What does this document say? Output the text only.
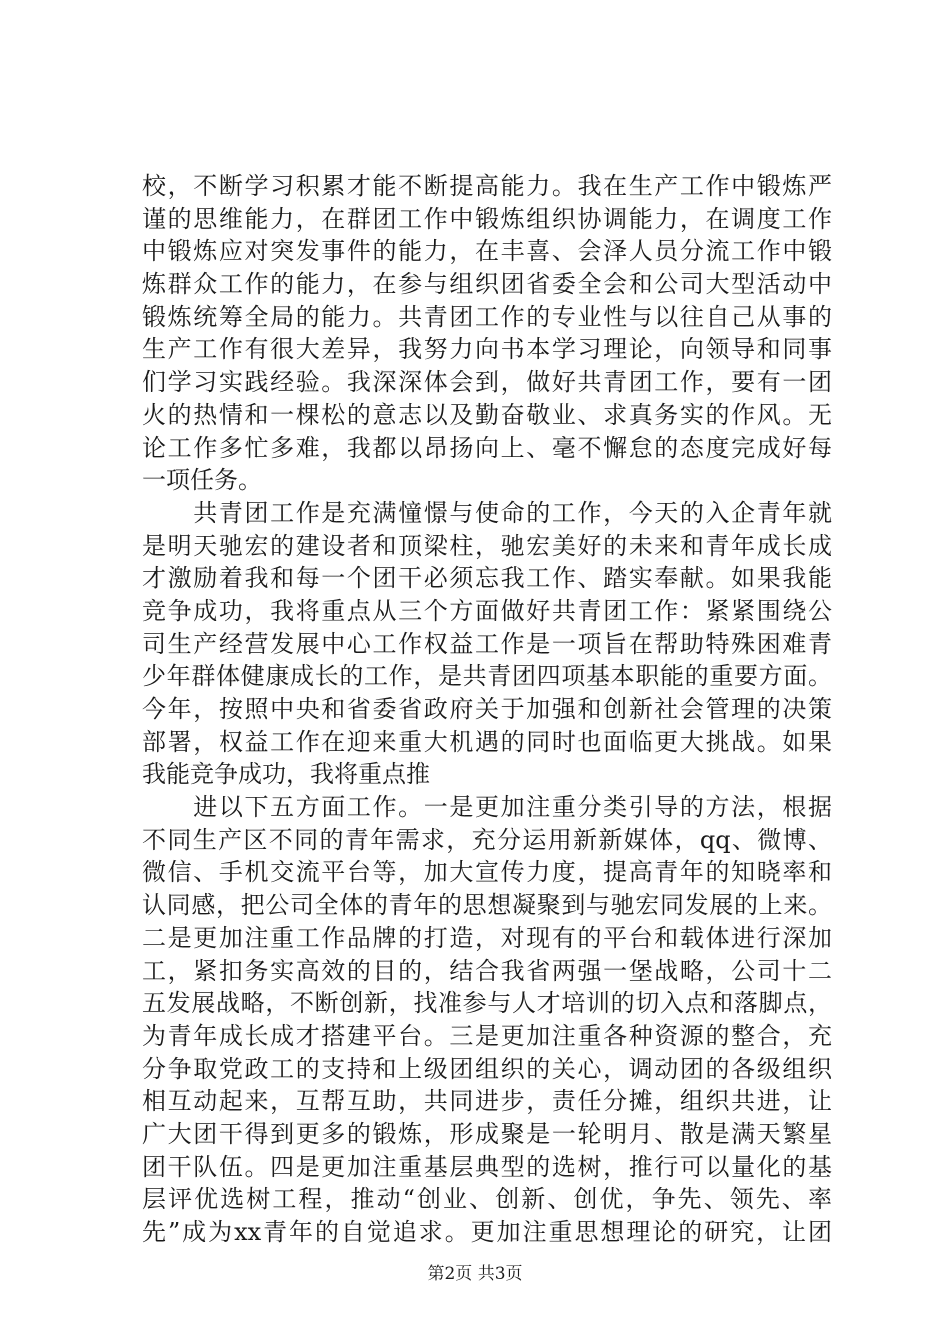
校，不断学习积累才能不断提高能力。我在生产工作中锻炼严
谨的思维能力，在群团工作中锻炼组织协调能力，在调度工作
中锻炼应对突发事件的能力，在丰喜、会泽人员分流工作中锻
炼群众工作的能力，在参与组织团省委全会和公司大型活动中
锻炼统筹全局的能力。共青团工作的专业性与以往自己从事的
生产工作有很大差异，我努力向书本学习理论，向领导和同事
们学习实践经验。我深深体会到，做好共青团工作，要有一团
火的热情和一棵松的意志以及勤奋敬业、求真务实的作风。无
论工作多忙多难，我都以昂扬向上、毫不懈怠的态度完成好每
一项任务。
　　共青团工作是充满憧憬与使命的工作，今天的入企青年就
是明天驰宏的建设者和顶梁柱，驰宏美好的未来和青年成长成
才激励着我和每一个团干必须忘我工作、踏实奉献。如果我能
竞争成功，我将重点从三个方面做好共青团工作：紧紧围绕公
司生产经营发展中心工作权益工作是一项旨在帮助特殊困难青
少年群体健康成长的工作，是共青团四项基本职能的重要方面。
今年，按照中央和省委省政府关于加强和创新社会管理的决策
部署，权益工作在迎来重大机遇的同时也面临更大挑战。如果
我能竞争成功，我将重点推
　　进以下五方面工作。一是更加注重分类引导的方法，根据
不同生产区不同的青年需求，充分运用新新媒体，qq、微博、
微信、手机交流平台等，加大宣传力度，提高青年的知晓率和
认同感，把公司全体的青年的思想凝聚到与驰宏同发展的上来。
二是更加注重工作品牌的打造，对现有的平台和载体进行深加
工，紧扣务实高效的目的，结合我省两强一堡战略，公司十二
五发展战略，不断创新，找准参与人才培训的切入点和落脚点，
为青年成长成才搭建平台。三是更加注重各种资源的整合，充
分争取党政工的支持和上级团组织的关心，调动团的各级组织
相互动起来，互帮互助，共同进步，责任分摊，组织共进，让
广大团干得到更多的锻炼，形成聚是一轮明月、散是满天繁星
团干队伍。四是更加注重基层典型的选树，推行可以量化的基
层评优选树工程，推动“创业、创新、创优，争先、领先、率
先”成为xx青年的自觉追求。更加注重思想理论的研究，让团
第2页 共3页
